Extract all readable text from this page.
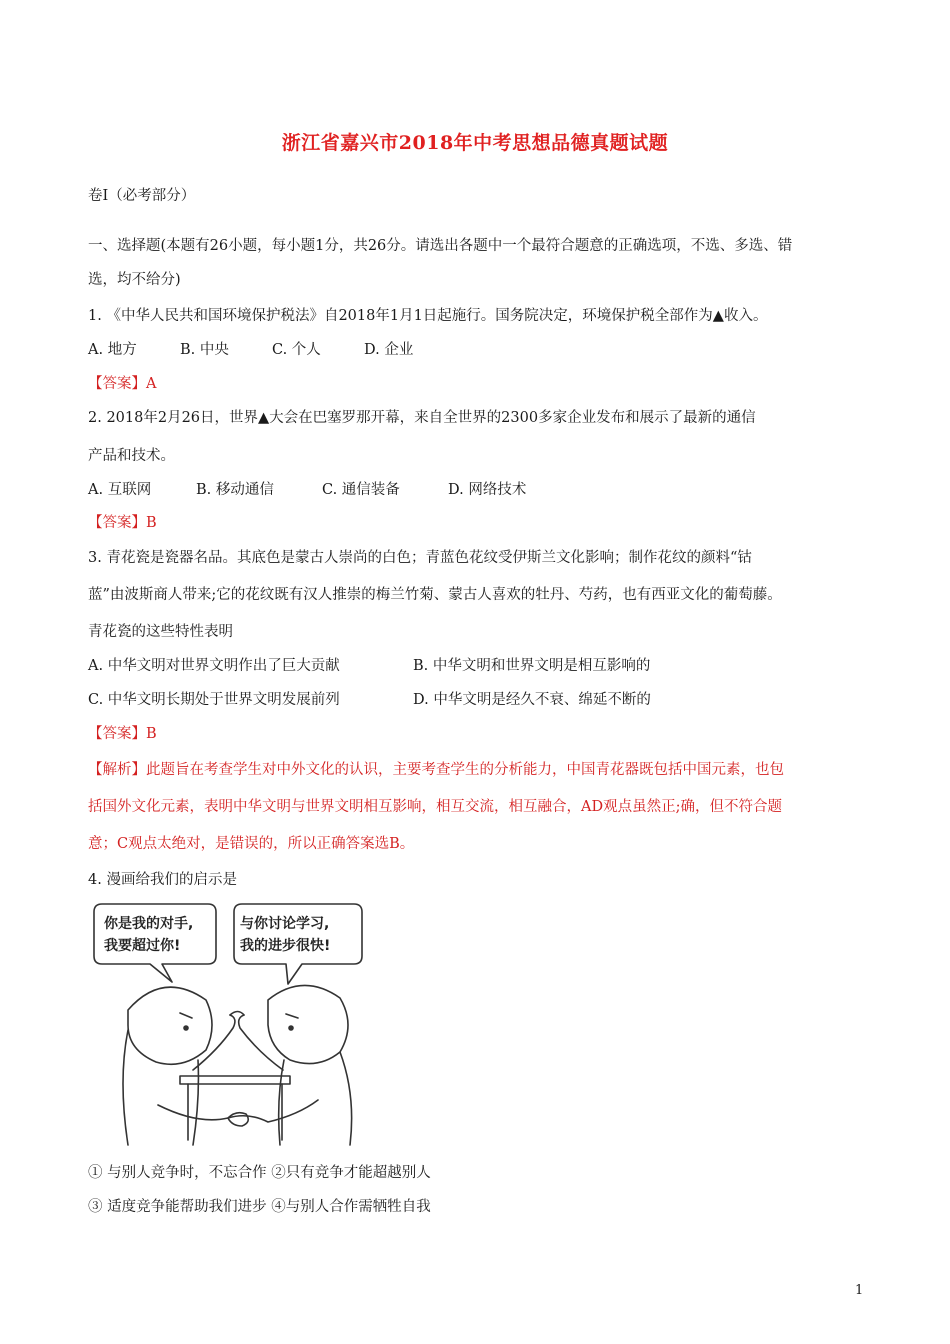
浙江省嘉兴市2018年中考思想品德真题试题
卷Ⅰ（必考部分）
一、选择题(本题有26小题，每小题1分，共26分。请选出各题中一个最符合题意的正确选项，不选、多选、错
选，均不给分)
1. 《中华人民共和国环境保护税法》自2018年1月1日起施行。国务院决定，环境保护税全部作为▲收入。
A. 地方	B. 中央	C. 个人	D. 企业
【答案】A
2. 2018年2月26日，世界▲大会在巴塞罗那开幕，来自全世界的2300多家企业发布和展示了最新的通信
产品和技术。
A. 互联网	B. 移动通信	C. 通信装备	D. 网络技术
【答案】B
3. 青花瓷是瓷器名品。其底色是蒙古人崇尚的白色；青蓝色花纹受伊斯兰文化影响；制作花纹的颜料“钴
蓝”由波斯商人带来;它的花纹既有汉人推崇的梅兰竹菊、蒙古人喜欢的牡丹、芍药，也有西亚文化的葡萄藤。
青花瓷的这些特性表明
A. 中华文明对世界文明作出了巨大贡献	B. 中华文明和世界文明是相互影响的
C. 中华文明长期处于世界文明发展前列	D. 中华文明是经久不衰、绵延不断的
【答案】B
【解析】此题旨在考查学生对中外文化的认识，主要考查学生的分析能力，中国青花器既包括中国元素，也包
括国外文化元素，表明中华文明与世界文明相互影响，相互交流，相互融合，AD观点虽然正;确，但不符合题
意；C观点太绝对，是错误的，所以正确答案选B。
4. 漫画给我们的启示是
你是我的对手,
我要超过你!
与你讨论学习,
我的进步很快!
① 与别人竞争时，不忘合作 ②只有竞争才能超越别人
③ 适度竞争能帮助我们进步 ④与别人合作需牺牲自我
1
